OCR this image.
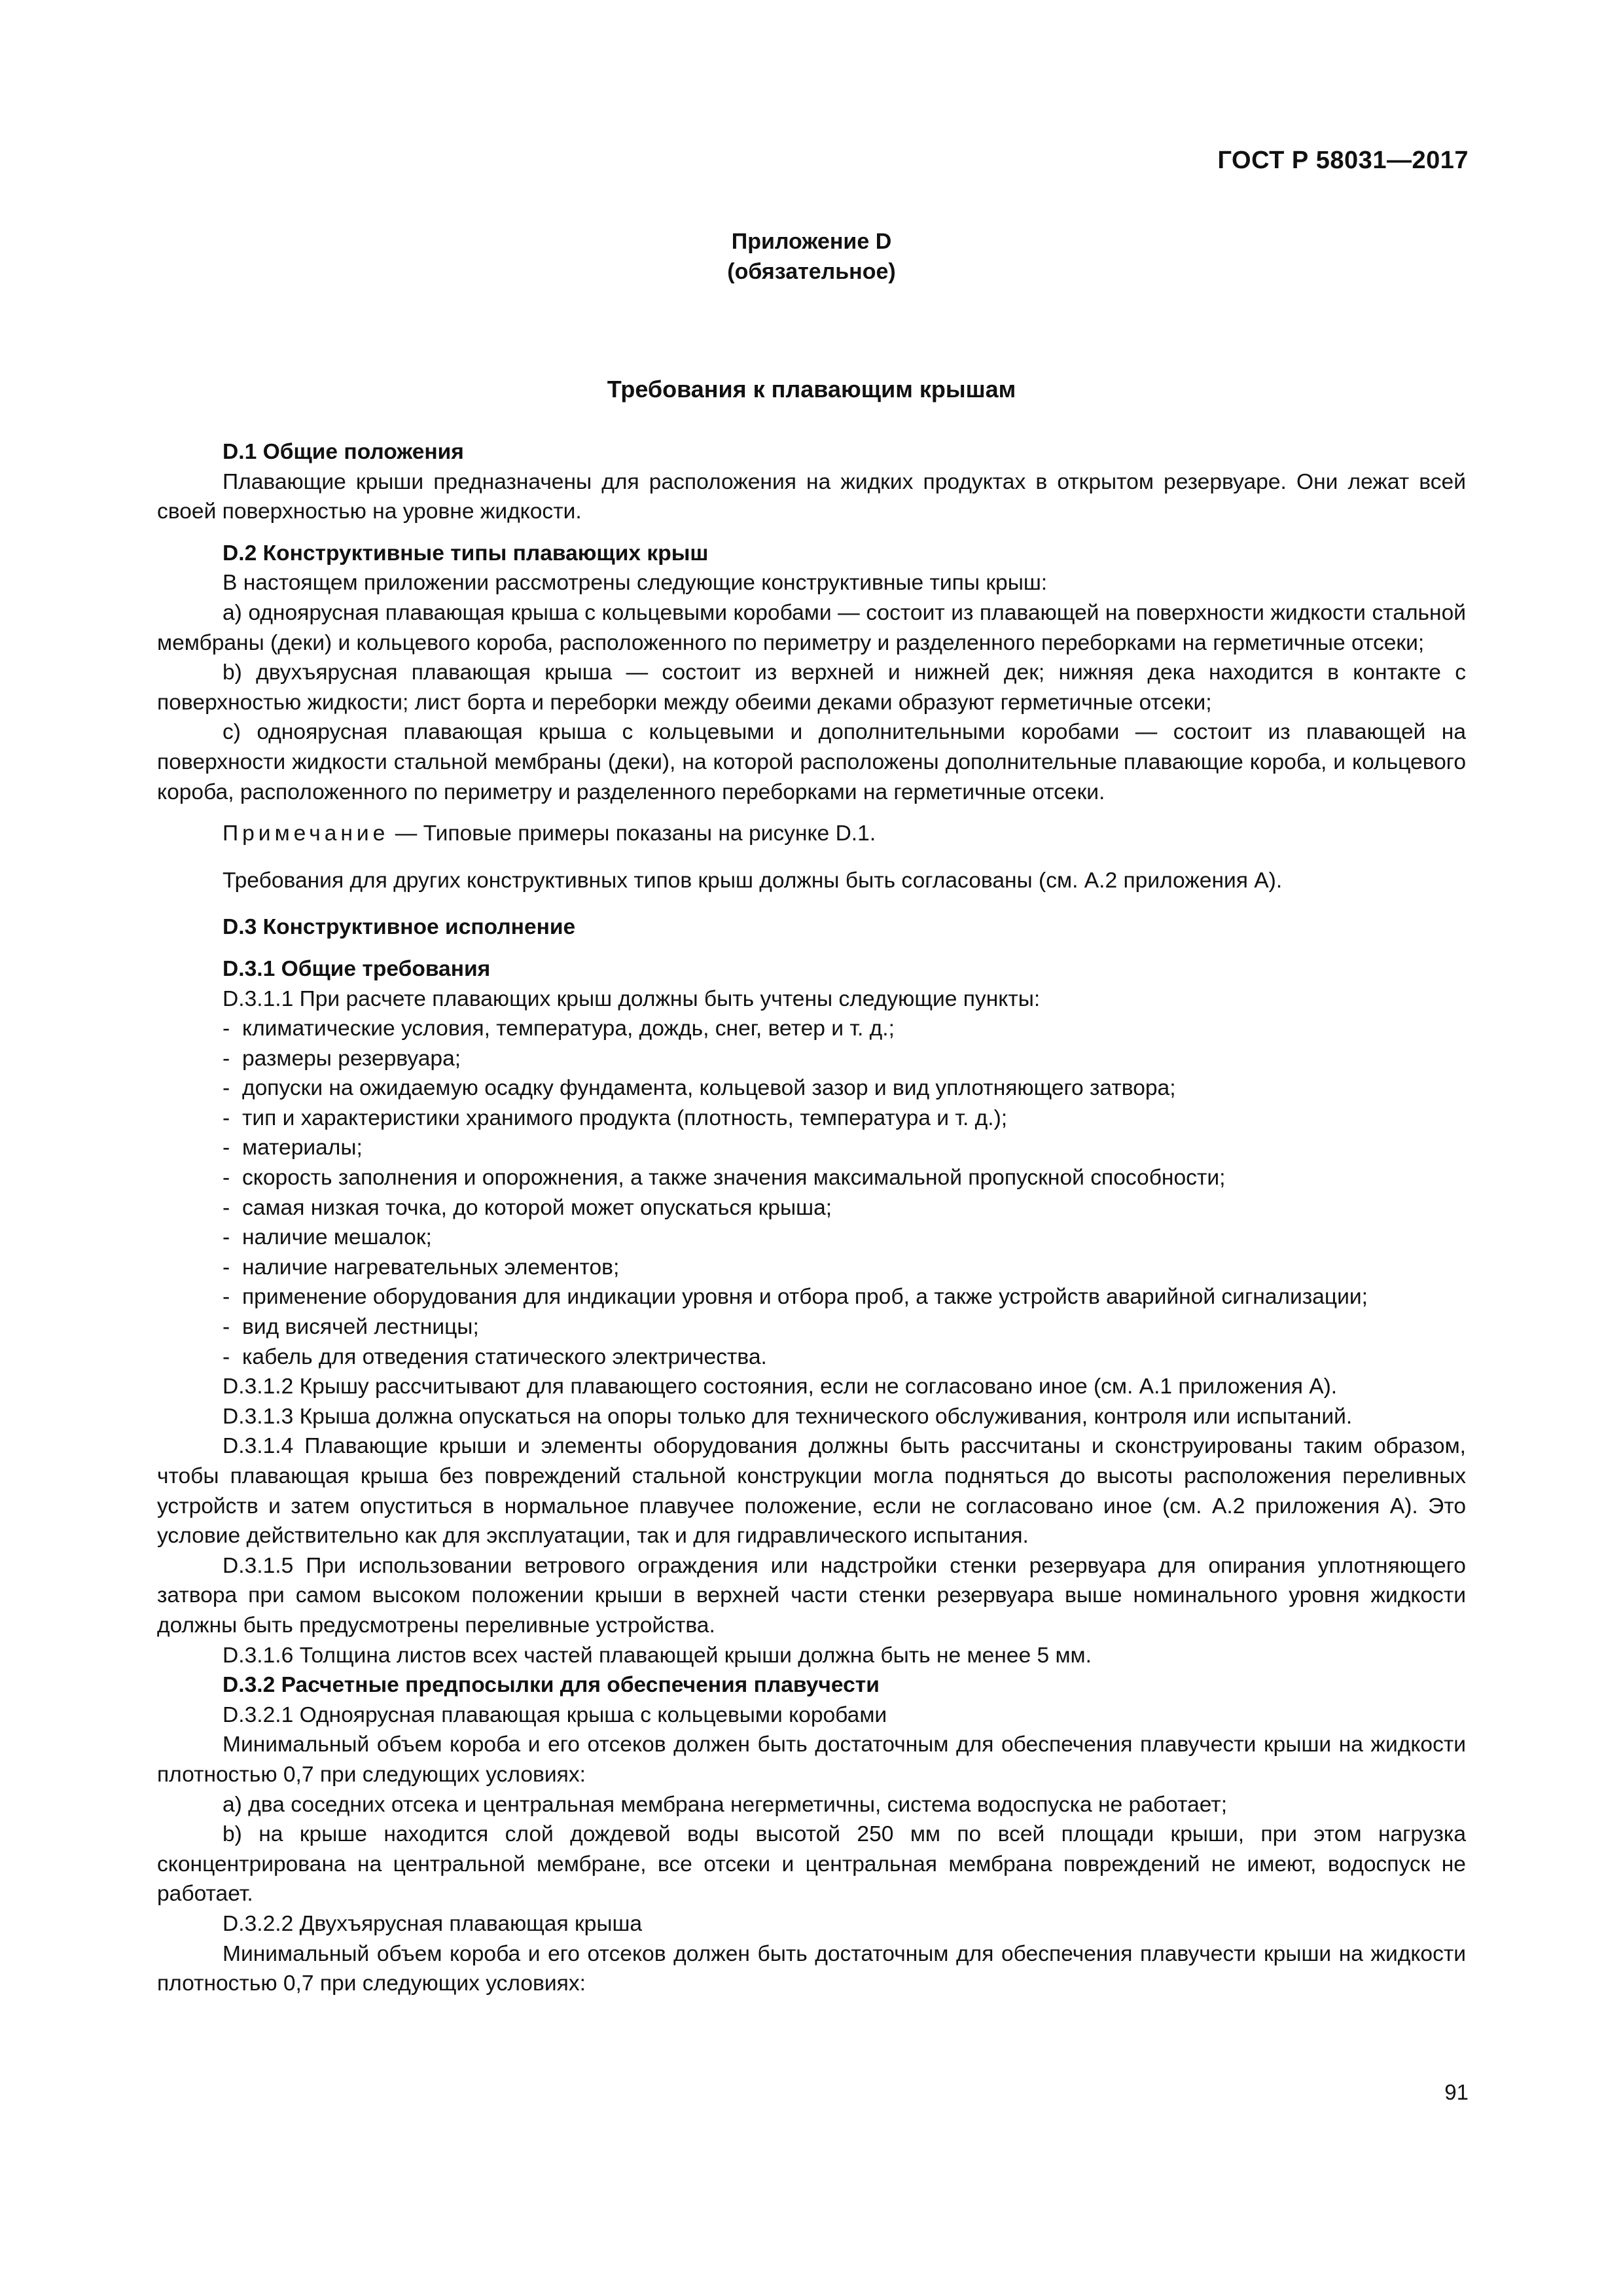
ГОСТ Р 58031—2017
Приложение D
(обязательное)
Требования к плавающим крышам

D.1 Общие положения

Плавающие крыши предназначены для расположения на жидких продуктах в открытом резервуаре. Они лежат всей своей поверхностью на уровне жидкости.

D.2 Конструктивные типы плавающих крыш

В настоящем приложении рассмотрены следующие конструктивные типы крыш:

a) одноярусная плавающая крыша с кольцевыми коробами — состоит из плавающей на поверхности жидкости стальной мембраны (деки) и кольцевого короба, расположенного по периметру и разделенного переборками на герметичные отсеки;

b) двухъярусная плавающая крыша — состоит из верхней и нижней дек; нижняя дека находится в контакте с поверхностью жидкости; лист борта и переборки между обеими деками образуют герметичные отсеки;

c) одноярусная плавающая крыша с кольцевыми и дополнительными коробами — состоит из плавающей на поверхности жидкости стальной мембраны (деки), на которой расположены дополнительные плавающие короба, и кольцевого короба, расположенного по периметру и разделенного переборками на герметичные отсеки.

Примечание — Типовые примеры показаны на рисунке D.1.

Требования для других конструктивных типов крыш должны быть согласованы (см. А.2 приложения А).

D.3 Конструктивное исполнение

D.3.1 Общие требования

D.3.1.1 При расчете плавающих крыш должны быть учтены следующие пункты:

- климатические условия, температура, дождь, снег, ветер и т. д.;

- размеры резервуара;

- допуски на ожидаемую осадку фундамента, кольцевой зазор и вид уплотняющего затвора;

- тип и характеристики хранимого продукта (плотность, температура и т. д.);

- материалы;

- скорость заполнения и опорожнения, а также значения максимальной пропускной способности;

- самая низкая точка, до которой может опускаться крыша;

- наличие мешалок;

- наличие нагревательных элементов;

- применение оборудования для индикации уровня и отбора проб, а также устройств аварийной сигнализации;

- вид висячей лестницы;

- кабель для отведения статического электричества.

D.3.1.2 Крышу рассчитывают для плавающего состояния, если не согласовано иное (см. А.1 приложения А).

D.3.1.3 Крыша должна опускаться на опоры только для технического обслуживания, контроля или испытаний.

D.3.1.4 Плавающие крыши и элементы оборудования должны быть рассчитаны и сконструированы таким образом, чтобы плавающая крыша без повреждений стальной конструкции могла подняться до высоты расположения переливных устройств и затем опуститься в нормальное плавучее положение, если не согласовано иное (см. А.2 приложения А). Это условие действительно как для эксплуатации, так и для гидравлического испытания.

D.3.1.5 При использовании ветрового ограждения или надстройки стенки резервуара для опирания уплотняющего затвора при самом высоком положении крыши в верхней части стенки резервуара выше номинального уровня жидкости должны быть предусмотрены переливные устройства.

D.3.1.6 Толщина листов всех частей плавающей крыши должна быть не менее 5 мм.

D.3.2 Расчетные предпосылки для обеспечения плавучести

D.3.2.1 Одноярусная плавающая крыша с кольцевыми коробами

Минимальный объем короба и его отсеков должен быть достаточным для обеспечения плавучести крыши на жидкости плотностью 0,7 при следующих условиях:

a) два соседних отсека и центральная мембрана негерметичны, система водоспуска не работает;

b) на крыше находится слой дождевой воды высотой 250 мм по всей площади крыши, при этом нагрузка сконцентрирована на центральной мембране, все отсеки и центральная мембрана повреждений не имеют, водоспуск не работает.

D.3.2.2 Двухъярусная плавающая крыша

Минимальный объем короба и его отсеков должен быть достаточным для обеспечения плавучести крыши на жидкости плотностью 0,7 при следующих условиях:

91
